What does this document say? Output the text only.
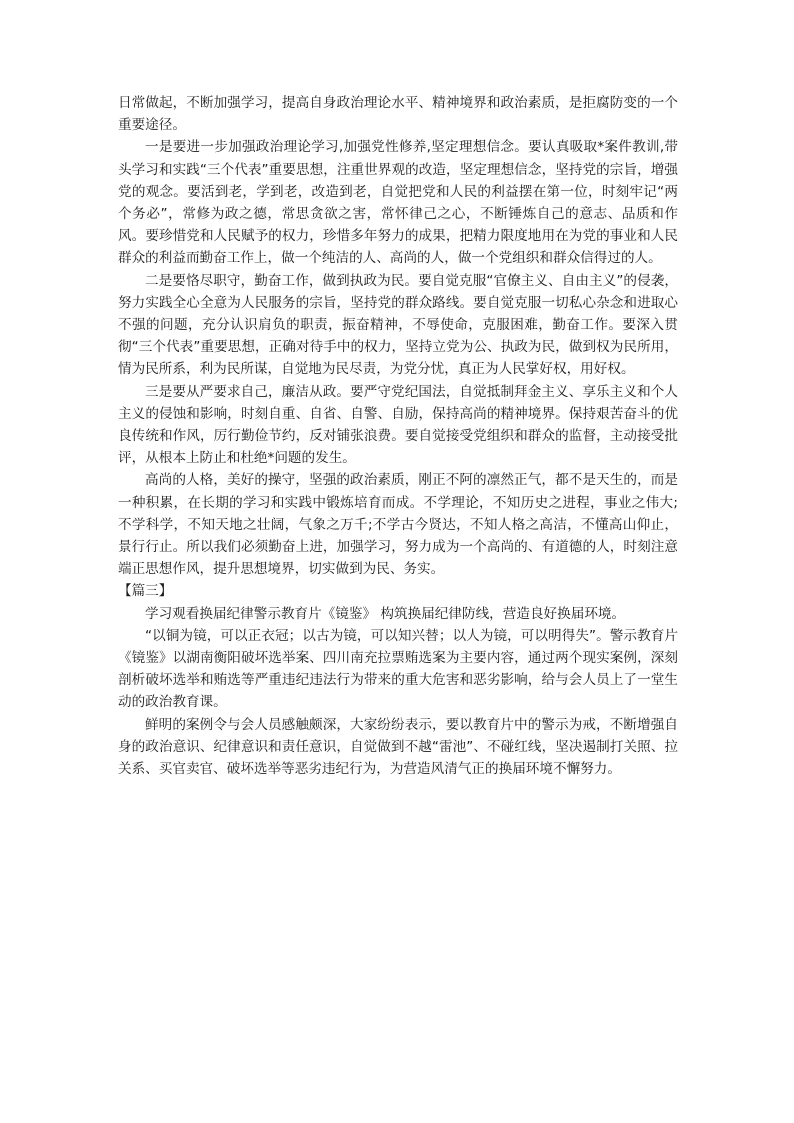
日常做起，不断加强学习，提高自身政治理论水平、精神境界和政治素质，是拒腐防变的一个重要途径。

一是要进一步加强政治理论学习,加强党性修养,坚定理想信念。要认真吸取*案件教训,带头学习和实践“三个代表”重要思想，注重世界观的改造，坚定理想信念，坚持党的宗旨，增强党的观念。要活到老，学到老，改造到老，自觉把党和人民的利益摆在第一位，时刻牢记“两个务必”，常修为政之德，常思贪欲之害，常怀律己之心，不断锤炼自己的意志、品质和作风。要珍惜党和人民赋予的权力，珍惜多年努力的成果，把精力限度地用在为党的事业和人民群众的利益而勤奋工作上，做一个纯洁的人、高尚的人，做一个党组织和群众信得过的人。

二是要恪尽职守，勤奋工作，做到执政为民。要自觉克服“官僚主义、自由主义”的侵袭，努力实践全心全意为人民服务的宗旨，坚持党的群众路线。要自觉克服一切私心杂念和进取心不强的问题，充分认识肩负的职责，振奋精神，不辱使命，克服困难，勤奋工作。要深入贯彻“三个代表”重要思想，正确对待手中的权力，坚持立党为公、执政为民，做到权为民所用，情为民所系，利为民所谋，自觉地为民尽责，为党分忧，真正为人民掌好权，用好权。

三是要从严要求自己，廉洁从政。要严守党纪国法，自觉抵制拜金主义、享乐主义和个人主义的侵蚀和影响，时刻自重、自省、自警、自励，保持高尚的精神境界。保持艰苦奋斗的优良传统和作风，厉行勤俭节约，反对铺张浪费。要自觉接受党组织和群众的监督，主动接受批评，从根本上防止和杜绝*问题的发生。

高尚的人格，美好的操守，坚强的政治素质，刚正不阿的凛然正气，都不是天生的，而是一种积累，在长期的学习和实践中锻炼培育而成。不学理论，不知历史之进程，事业之伟大;不学科学，不知天地之壮阔，气象之万千;不学古今贤达，不知人格之高洁，不懂高山仰止，景行行止。所以我们必须勤奋上进，加强学习，努力成为一个高尚的、有道德的人，时刻注意端正思想作风，提升思想境界，切实做到为民、务实。

【篇三】

学习观看换届纪律警示教育片《镜鉴》 构筑换届纪律防线，营造良好换届环境。

“以铜为镜，可以正衣冠；以古为镜，可以知兴替；以人为镜，可以明得失”。警示教育片《镜鉴》以湖南衡阳破坏选举案、四川南充拉票贿选案为主要内容，通过两个现实案例，深刻剖析破坏选举和贿选等严重违纪违法行为带来的重大危害和恶劣影响，给与会人员上了一堂生动的政治教育课。

鲜明的案例令与会人员感触颇深，大家纷纷表示，要以教育片中的警示为戒，不断增强自身的政治意识、纪律意识和责任意识，自觉做到不越“雷池”、不碰红线，坚决遏制打关照、拉关系、买官卖官、破坏选举等恶劣违纪行为，为营造风清气正的换届环境不懈努力。
